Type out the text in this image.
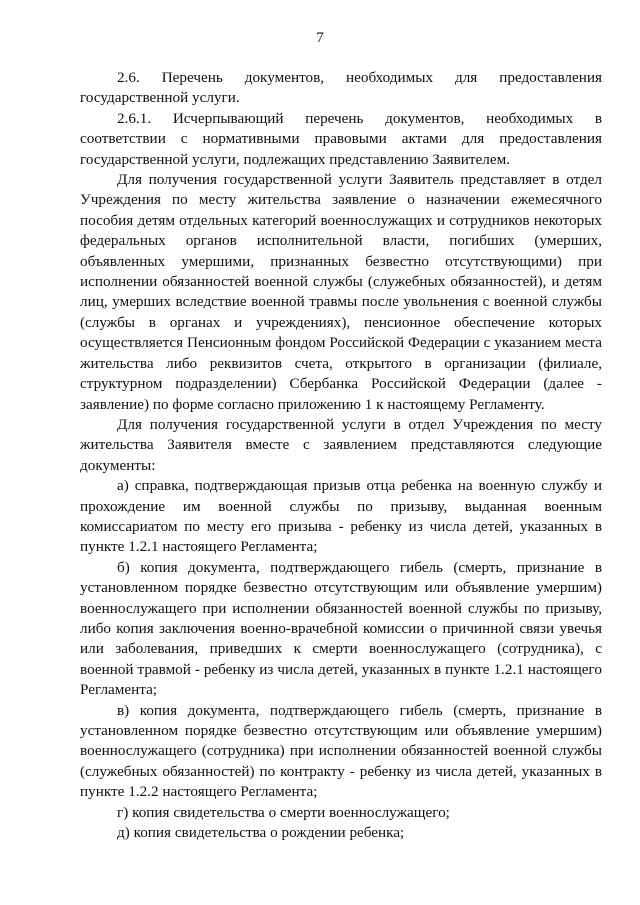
7

2.6. Перечень документов, необходимых для предоставления государственной услуги.

2.6.1. Исчерпывающий перечень документов, необходимых в соответствии с нормативными правовыми актами для предоставления государственной услуги, подлежащих представлению Заявителем.

Для получения государственной услуги Заявитель представляет в отдел Учреждения по месту жительства заявление о назначении ежемесячного пособия детям отдельных категорий военнослужащих и сотрудников некоторых федеральных органов исполнительной власти, погибших (умерших, объявленных умершими, признанных безвестно отсутствующими) при исполнении обязанностей военной службы (служебных обязанностей), и детям лиц, умерших вследствие военной травмы после увольнения с военной службы (службы в органах и учреждениях), пенсионное обеспечение которых осуществляется Пенсионным фондом Российской Федерации с указанием места жительства либо реквизитов счета, открытого в организации (филиале, структурном подразделении) Сбербанка Российской Федерации (далее - заявление) по форме согласно приложению 1 к настоящему Регламенту.

Для получения государственной услуги в отдел Учреждения по месту жительства Заявителя вместе с заявлением представляются следующие документы:

а) справка, подтверждающая призыв отца ребенка на военную службу и прохождение им военной службы по призыву, выданная военным комиссариатом по месту его призыва - ребенку из числа детей, указанных в пункте 1.2.1 настоящего Регламента;

б) копия документа, подтверждающего гибель (смерть, признание в установленном порядке безвестно отсутствующим или объявление умершим) военнослужащего при исполнении обязанностей военной службы по призыву, либо копия заключения военно-врачебной комиссии о причинной связи увечья или заболевания, приведших к смерти военнослужащего (сотрудника), с военной травмой - ребенку из числа детей, указанных в пункте 1.2.1 настоящего Регламента;

в) копия документа, подтверждающего гибель (смерть, признание в установленном порядке безвестно отсутствующим или объявление умершим) военнослужащего (сотрудника) при исполнении обязанностей военной службы (служебных обязанностей) по контракту - ребенку из числа детей, указанных в пункте 1.2.2 настоящего Регламента;

г) копия свидетельства о смерти военнослужащего;

д) копия свидетельства о рождении ребенка;
